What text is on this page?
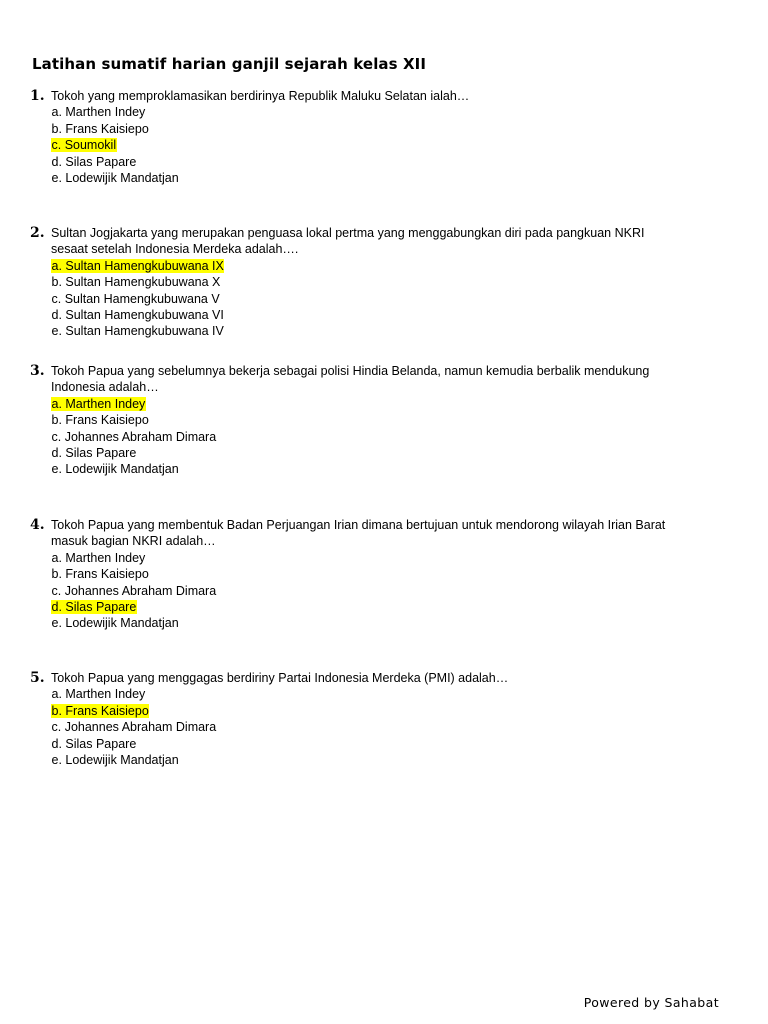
Latihan sumatif harian ganjil sejarah kelas XII
1. Tokoh yang memproklamasikan berdirinya Republik Maluku Selatan ialah…
a. Marthen Indey
b. Frans Kaisiepo
c. Soumokil
d. Silas Papare
e. Lodewijik Mandatjan
2. Sultan Jogjakarta yang merupakan penguasa lokal pertma yang menggabungkan diri pada pangkuan NKRI
sesaat setelah Indonesia Merdeka adalah….
a. Sultan Hamengkubuwana IX
b. Sultan Hamengkubuwana X
c. Sultan Hamengkubuwana V
d. Sultan Hamengkubuwana VI
e. Sultan Hamengkubuwana IV
3. Tokoh Papua yang sebelumnya bekerja sebagai polisi Hindia Belanda, namun kemudia berbalik mendukung
Indonesia adalah…
a. Marthen Indey
b. Frans Kaisiepo
c. Johannes Abraham Dimara
d. Silas Papare
e. Lodewijik Mandatjan
4. Tokoh Papua yang membentuk Badan Perjuangan Irian dimana bertujuan untuk mendorong wilayah Irian Barat
masuk bagian NKRI adalah…
a. Marthen Indey
b. Frans Kaisiepo
c. Johannes Abraham Dimara
d. Silas Papare
e. Lodewijik Mandatjan
5. Tokoh Papua yang menggagas berdiriny Partai Indonesia Merdeka (PMI) adalah…
a. Marthen Indey
b. Frans Kaisiepo
c. Johannes Abraham Dimara
d. Silas Papare
e. Lodewijik Mandatjan
Powered by Sahabat
